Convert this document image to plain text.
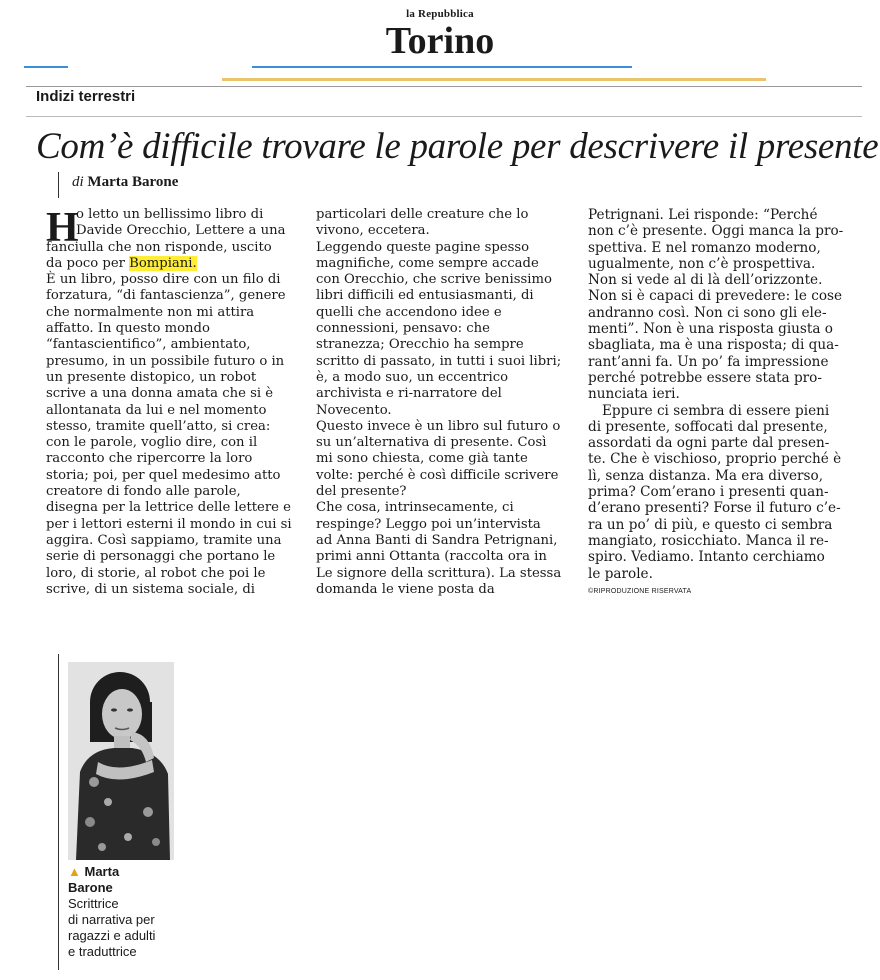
la Repubblica
Torino
Indizi terrestri
Com’è difficile trovare le parole per descrivere il presente
di Marta Barone
H
o letto un bellissimo libro di
Davide Orecchio, Lettere a una
fanciulla che non risponde, uscito
da poco per Bompiani.
È un libro, posso dire con un filo di
forzatura, “di fantascienza”, genere
che normalmente non mi attira
affatto. In questo mondo
“fantascientifico”, ambientato,
presumo, in un possibile futuro o in
un presente distopico, un robot
scrive a una donna amata che si è
allontanata da lui e nel momento
stesso, tramite quell’atto, si crea:
con le parole, voglio dire, con il
racconto che ripercorre la loro
storia; poi, per quel medesimo atto
creatore di fondo alle parole,
disegna per la lettrice delle lettere e
per i lettori esterni il mondo in cui si
aggira. Così sappiamo, tramite una
serie di personaggi che portano le
loro, di storie, al robot che poi le
scrive, di un sistema sociale, di
particolari delle creature che lo
vivono, eccetera.
Leggendo queste pagine spesso
magnifiche, come sempre accade
con Orecchio, che scrive benissimo
libri difficili ed entusiasmanti, di
quelli che accendono idee e
connessioni, pensavo: che
stranezza; Orecchio ha sempre
scritto di passato, in tutti i suoi libri;
è, a modo suo, un eccentrico
archivista e ri-narratore del
Novecento.
Questo invece è un libro sul futuro o
su un’alternativa di presente. Così
mi sono chiesta, come già tante
volte: perché è così difficile scrivere
del presente?
Che cosa, intrinsecamente, ci
respinge? Leggo poi un’intervista
ad Anna Banti di Sandra Petrignani,
primi anni Ottanta (raccolta ora in
Le signore della scrittura). La stessa
domanda le viene posta da
Petrignani. Lei risponde: “Perché
non c’è presente. Oggi manca la pro-
spettiva. E nel romanzo moderno,
ugualmente, non c’è prospettiva.
Non si vede al di là dell’orizzonte.
Non si è capaci di prevedere: le cose
andranno così. Non ci sono gli ele-
menti”. Non è una risposta giusta o
sbagliata, ma è una risposta; di qua-
rant’anni fa. Un po’ fa impressione
perché potrebbe essere stata pro-
nunciata ieri.
Eppure ci sembra di essere pieni
di presente, soffocati dal presente,
assordati da ogni parte dal presen-
te. Che è vischioso, proprio perché è
lì, senza distanza. Ma era diverso,
prima? Com’erano i presenti quan-
d’erano presenti? Forse il futuro c’e-
ra un po’ di più, e questo ci sembra
mangiato, rosicchiato. Manca il re-
spiro. Vediamo. Intanto cerchiamo
le parole.
©RIPRODUZIONE RISERVATA
▲ Marta
Barone
Scrittrice
di narrativa per
ragazzi e adulti
e traduttrice
